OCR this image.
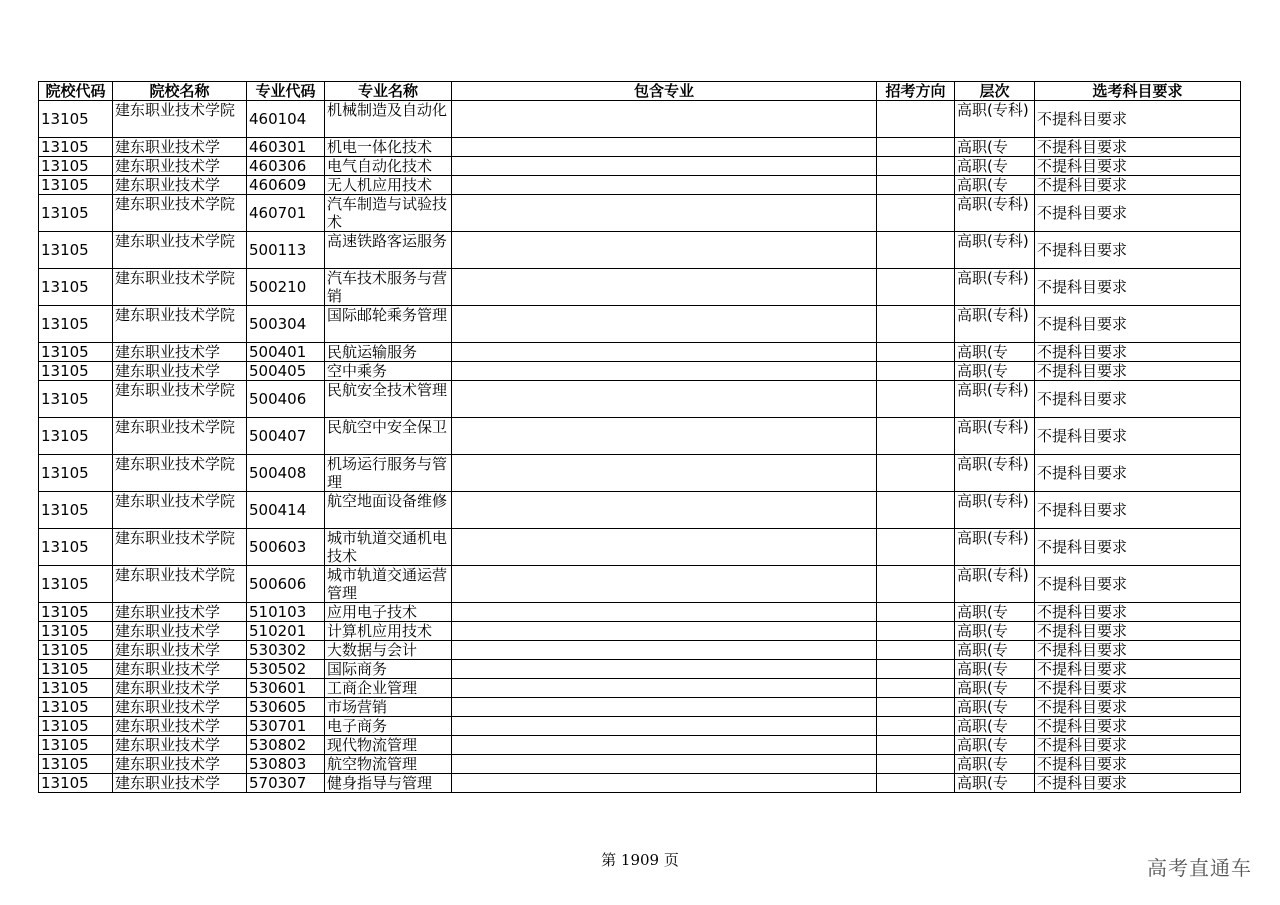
院校代码	院校名称	专业代码	专业名称	包含专业	招考方向	层次	选考科目要求
13105	建东职业技术学院	460104	机械制造及自动化			高职(专科)	不提科目要求
13105	建东职业技术学	460301	机电一体化技术			高职(专	不提科目要求
13105	建东职业技术学	460306	电气自动化技术			高职(专	不提科目要求
13105	建东职业技术学	460609	无人机应用技术			高职(专	不提科目要求
13105	建东职业技术学院	460701	汽车制造与试验技术			高职(专科)	不提科目要求
13105	建东职业技术学院	500113	高速铁路客运服务			高职(专科)	不提科目要求
13105	建东职业技术学院	500210	汽车技术服务与营销			高职(专科)	不提科目要求
13105	建东职业技术学院	500304	国际邮轮乘务管理			高职(专科)	不提科目要求
13105	建东职业技术学	500401	民航运输服务			高职(专	不提科目要求
13105	建东职业技术学	500405	空中乘务			高职(专	不提科目要求
13105	建东职业技术学院	500406	民航安全技术管理			高职(专科)	不提科目要求
13105	建东职业技术学院	500407	民航空中安全保卫			高职(专科)	不提科目要求
13105	建东职业技术学院	500408	机场运行服务与管理			高职(专科)	不提科目要求
13105	建东职业技术学院	500414	航空地面设备维修			高职(专科)	不提科目要求
13105	建东职业技术学院	500603	城市轨道交通机电技术			高职(专科)	不提科目要求
13105	建东职业技术学院	500606	城市轨道交通运营管理			高职(专科)	不提科目要求
13105	建东职业技术学	510103	应用电子技术			高职(专	不提科目要求
13105	建东职业技术学	510201	计算机应用技术			高职(专	不提科目要求
13105	建东职业技术学	530302	大数据与会计			高职(专	不提科目要求
13105	建东职业技术学	530502	国际商务			高职(专	不提科目要求
13105	建东职业技术学	530601	工商企业管理			高职(专	不提科目要求
13105	建东职业技术学	530605	市场营销			高职(专	不提科目要求
13105	建东职业技术学	530701	电子商务			高职(专	不提科目要求
13105	建东职业技术学	530802	现代物流管理			高职(专	不提科目要求
13105	建东职业技术学	530803	航空物流管理			高职(专	不提科目要求
13105	建东职业技术学	570307	健身指导与管理			高职(专	不提科目要求
第 1909 页	高考直通车
